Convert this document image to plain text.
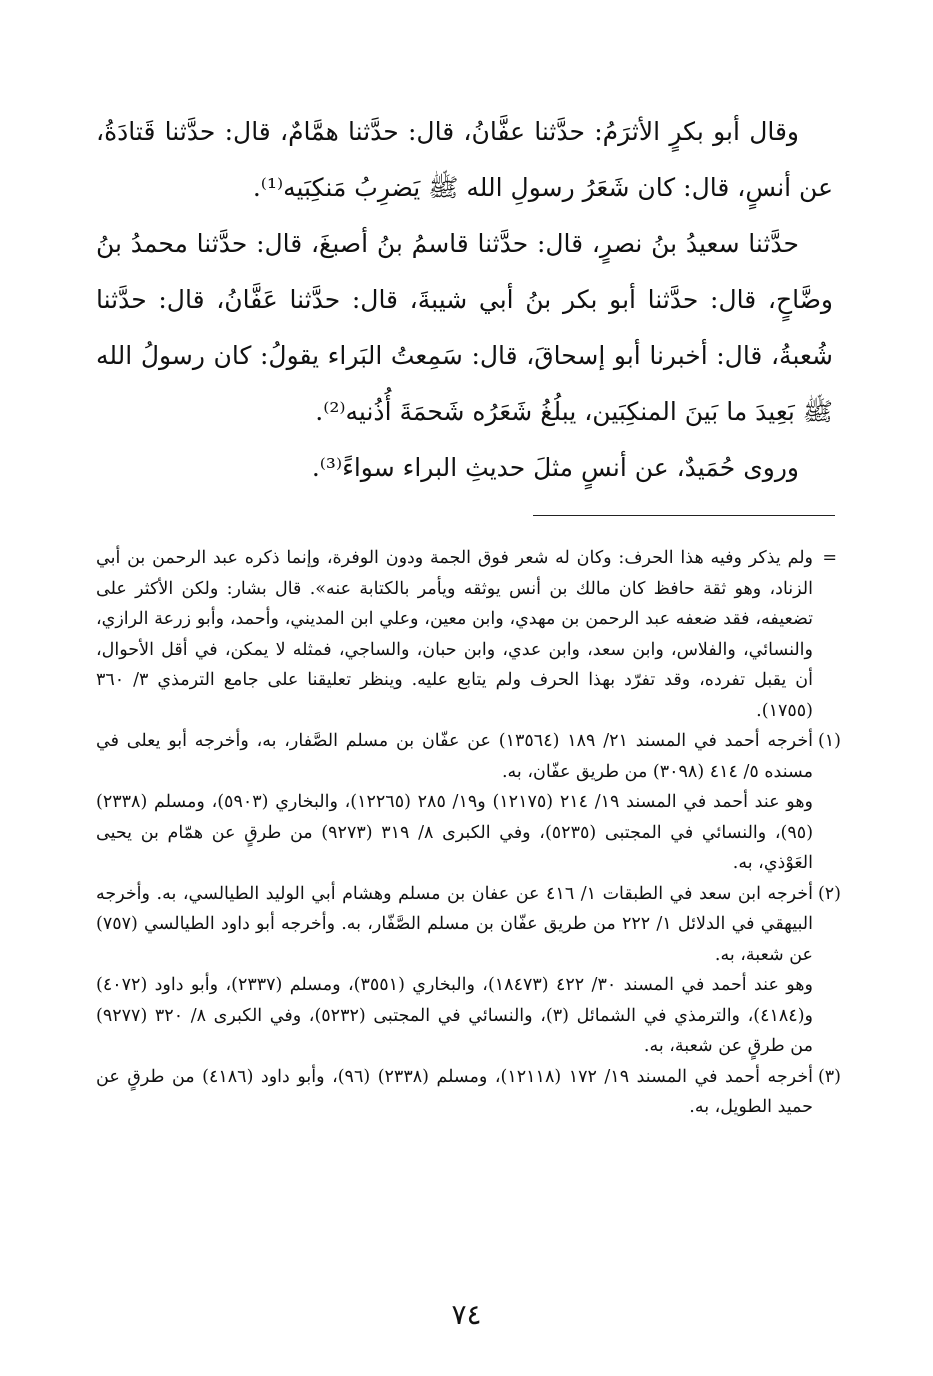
وقال أبو بكرٍ الأثرَمُ: حدَّثنا عفَّانُ، قال: حدَّثنا همَّامٌ، قال: حدَّثنا قَتادَةُ، عن أنسٍ، قال: كان شَعَرُ رسولِ الله ﷺ يَضرِبُ مَنكِبَيه⁽¹⁾.

حدَّثنا سعيدُ بنُ نصرٍ، قال: حدَّثنا قاسمُ بنُ أصبغَ، قال: حدَّثنا محمدُ بنُ وضَّاحٍ، قال: حدَّثنا أبو بكر بنُ أبي شيبةَ، قال: حدَّثنا عَفَّانُ، قال: حدَّثنا شُعبةُ، قال: أخبرنا أبو إسحاقَ، قال: سَمِعتُ البَراء يقولُ: كان رسولُ الله ﷺ بَعِيدَ ما بَينَ المنكِبَين، يبلُغُ شَعَرُه شَحمَةَ أُذُنيه⁽²⁾.

وروى حُمَيدٌ، عن أنسٍ مثلَ حديثِ البراء سواءً⁽³⁾.

=
ولم يذكر وفيه هذا الحرف: وكان له شعر فوق الجمة ودون الوفرة، وإنما ذكره عبد الرحمن بن أبي الزناد، وهو ثقة حافظ كان مالك بن أنس يوثقه ويأمر بالكتابة عنه». قال بشار: ولكن الأكثر على تضعيفه، فقد ضعفه عبد الرحمن بن مهدي، وابن معين، وعلي ابن المديني، وأحمد، وأبو زرعة الرازي، والنسائي، والفلاس، وابن سعد، وابن عدي، وابن حبان، والساجي، فمثله لا يمكن، في أقل الأحوال، أن يقبل تفرده، وقد تفرّد بهذا الحرف ولم يتابع عليه. وينظر تعليقنا على جامع الترمذي ٣/ ٣٦٠ (١٧٥٥).
(١)
أخرجه أحمد في المسند ٢١/ ١٨٩ (١٣٥٦٤) عن عفّان بن مسلم الصَّفار، به، وأخرجه أبو يعلى في مسنده ٥/ ٤١٤ (٣٠٩٨) من طريق عفّان، به.
وهو عند أحمد في المسند ١٩/ ٢١٤ (١٢١٧٥) و١٩/ ٢٨٥ (١٢٢٦٥)، والبخاري (٥٩٠٣)، ومسلم (٢٣٣٨) (٩٥)، والنسائي في المجتبى (٥٢٣٥)، وفي الكبرى ٨/ ٣١٩ (٩٢٧٣) من طرقٍ عن همّام بن يحيى العَوْذي، به.
(٢)
أخرجه ابن سعد في الطبقات ١/ ٤١٦ عن عفان بن مسلم وهشام أبي الوليد الطيالسي، به. وأخرجه البيهقي في الدلائل ١/ ٢٢٢ من طريق عفّان بن مسلم الصَّفّار، به. وأخرجه أبو داود الطيالسي (٧٥٧) عن شعبة، به.
وهو عند أحمد في المسند ٣٠/ ٤٢٢ (١٨٤٧٣)، والبخاري (٣٥٥١)، ومسلم (٢٣٣٧)، وأبو داود (٤٠٧٢) و(٤١٨٤)، والترمذي في الشمائل (٣)، والنسائي في المجتبى (٥٢٣٢)، وفي الكبرى ٨/ ٣٢٠ (٩٢٧٧) من طرقٍ عن شعبة، به.
(٣)
أخرجه أحمد في المسند ١٩/ ١٧٢ (١٢١١٨)، ومسلم (٢٣٣٨) (٩٦)، وأبو داود (٤١٨٦) من طرقٍ عن حميد الطويل، به.
٧٤
